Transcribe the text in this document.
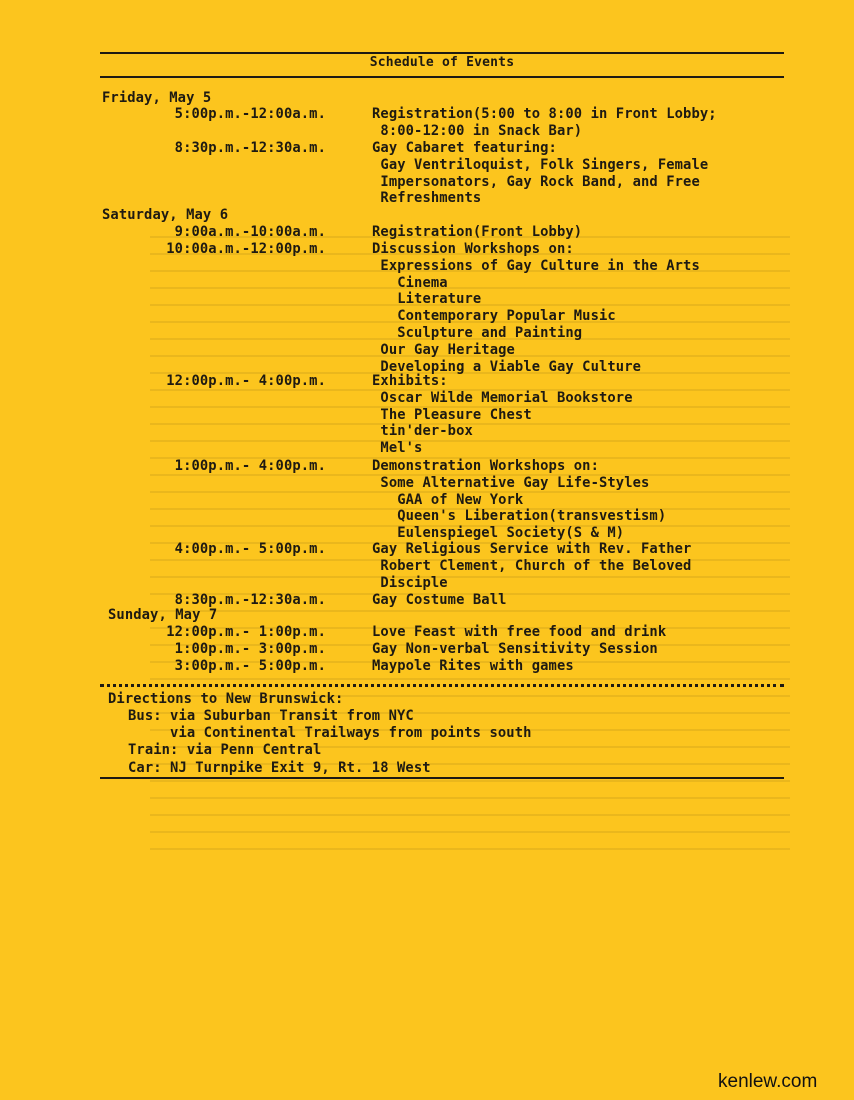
Schedule of Events
Friday, May 5
5:00p.m.-12:00a.m.	Registration(5:00 to 8:00 in Front Lobby;
8:00-12:00 in Snack Bar)
8:30p.m.-12:30a.m.	Gay Cabaret featuring:
Gay Ventriloquist, Folk Singers, Female
Impersonators, Gay Rock Band, and Free
Refreshments
Saturday, May 6
9:00a.m.-10:00a.m.	Registration(Front Lobby)
10:00a.m.-12:00p.m.	Discussion Workshops on:
Expressions of Gay Culture in the Arts
Cinema
Literature
Contemporary Popular Music
Sculpture and Painting
Our Gay Heritage
Developing a Viable Gay Culture
12:00p.m.- 4:00p.m.	Exhibits:
Oscar Wilde Memorial Bookstore
The Pleasure Chest
tin'der-box
Mel's
1:00p.m.- 4:00p.m.	Demonstration Workshops on:
Some Alternative Gay Life-Styles
GAA of New York
Queen's Liberation(transvestism)
Eulenspiegel Society(S & M)
4:00p.m.- 5:00p.m.	Gay Religious Service with Rev. Father
Robert Clement, Church of the Beloved
Disciple
8:30p.m.-12:30a.m.	Gay Costume Ball
Sunday, May 7
12:00p.m.- 1:00p.m.	Love Feast with free food and drink
1:00p.m.- 3:00p.m.	Gay Non-verbal Sensitivity Session
3:00p.m.- 5:00p.m.	Maypole Rites with games
Directions to New Brunswick:
Bus: via Suburban Transit from NYC
via Continental Trailways from points south
Train: via Penn Central
Car: NJ Turnpike Exit 9, Rt. 18 West
kenlew.com
